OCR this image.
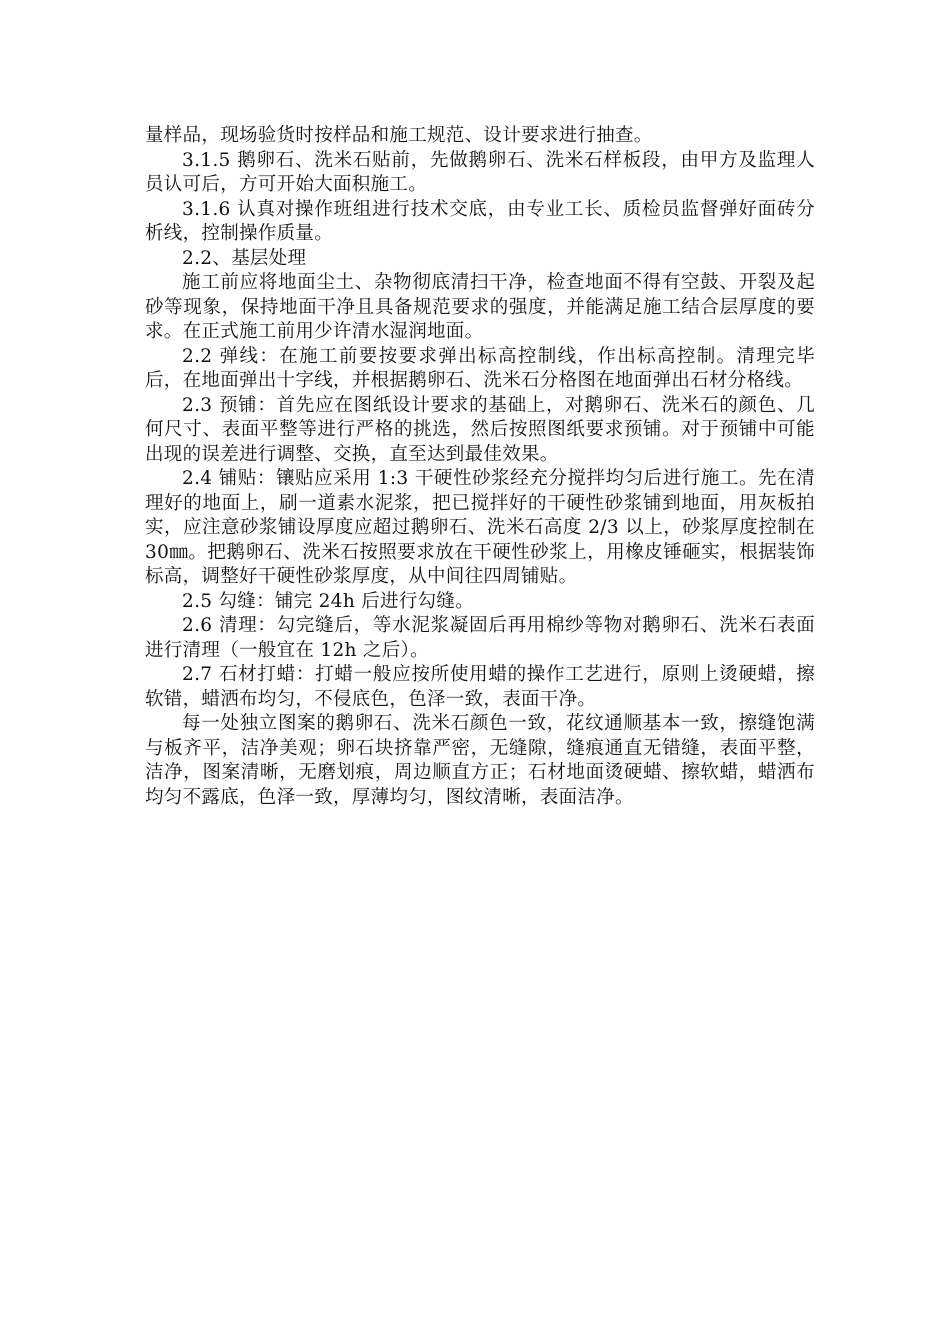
量样品，现场验货时按样品和施工规范、设计要求进行抽查。

3.1.5 鹅卵石、洗米石贴前，先做鹅卵石、洗米石样板段，由甲方及监理人员认可后，方可开始大面积施工。

3.1.6 认真对操作班组进行技术交底，由专业工长、质检员监督弹好面砖分析线，控制操作质量。

2.2、基层处理

施工前应将地面尘土、杂物彻底清扫干净，检查地面不得有空鼓、开裂及起砂等现象，保持地面干净且具备规范要求的强度，并能满足施工结合层厚度的要求。在正式施工前用少许清水湿润地面。

2.2 弹线：在施工前要按要求弹出标高控制线，作出标高控制。清理完毕后，在地面弹出十字线，并根据鹅卵石、洗米石分格图在地面弹出石材分格线。

2.3 预铺：首先应在图纸设计要求的基础上，对鹅卵石、洗米石的颜色、几何尺寸、表面平整等进行严格的挑选，然后按照图纸要求预铺。对于预铺中可能出现的误差进行调整、交换，直至达到最佳效果。

2.4 铺贴：镶贴应采用 1:3 干硬性砂浆经充分搅拌均匀后进行施工。先在清理好的地面上，刷一道素水泥浆，把已搅拌好的干硬性砂浆铺到地面，用灰板拍实，应注意砂浆铺设厚度应超过鹅卵石、洗米石高度 2/3 以上，砂浆厚度控制在 30㎜。把鹅卵石、洗米石按照要求放在干硬性砂浆上，用橡皮锤砸实，根据装饰标高，调整好干硬性砂浆厚度，从中间往四周铺贴。

2.5 勾缝：铺完 24h 后进行勾缝。

2.6 清理：勾完缝后，等水泥浆凝固后再用棉纱等物对鹅卵石、洗米石表面进行清理（一般宜在 12h 之后）。

2.7 石材打蜡：打蜡一般应按所使用蜡的操作工艺进行，原则上烫硬蜡，擦软错，蜡洒布均匀，不侵底色，色泽一致，表面干净。

每一处独立图案的鹅卵石、洗米石颜色一致，花纹通顺基本一致，擦缝饱满与板齐平，洁净美观；卵石块挤靠严密，无缝隙，缝痕通直无错缝，表面平整，洁净，图案清晰，无磨划痕，周边顺直方正；石材地面烫硬蜡、擦软蜡，蜡洒布均匀不露底，色泽一致，厚薄均匀，图纹清晰，表面洁净。
